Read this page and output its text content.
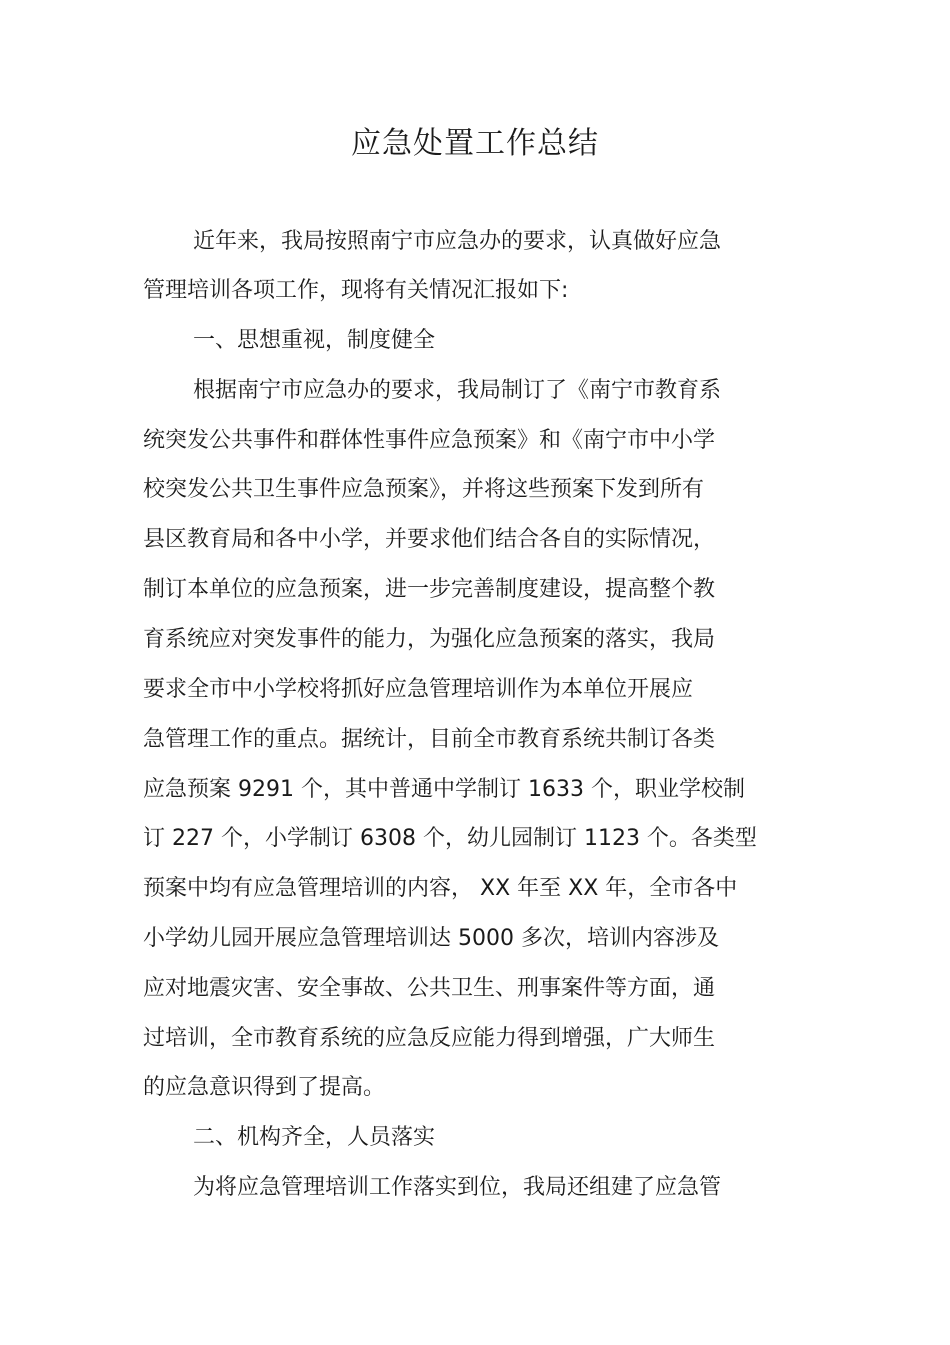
应急处置工作总结

近年来，我局按照南宁市应急办的要求，认真做好应急

管理培训各项工作，现将有关情况汇报如下:

一、思想重视，制度健全

根据南宁市应急办的要求，我局制订了《南宁市教育系

统突发公共事件和群体性事件应急预案》和《南宁市中小学

校突发公共卫生事件应急预案》，并将这些预案下发到所有

县区教育局和各中小学，并要求他们结合各自的实际情况，

制订本单位的应急预案，进一步完善制度建设，提高整个教

育系统应对突发事件的能力，为强化应急预案的落实，我局

要求全市中小学校将抓好应急管理培训作为本单位开展应

急管理工作的重点。据统计，目前全市教育系统共制订各类

应急预案 9291 个，其中普通中学制订 1633 个，职业学校制

订 227 个，小学制订 6308 个，幼儿园制订 1123 个。各类型

预案中均有应急管理培训的内容， XX 年至 XX 年，全市各中

小学幼儿园开展应急管理培训达 5000 多次，培训内容涉及

应对地震灾害、安全事故、公共卫生、刑事案件等方面，通

过培训，全市教育系统的应急反应能力得到增强，广大师生

的应急意识得到了提高。

二、机构齐全，人员落实

为将应急管理培训工作落实到位，我局还组建了应急管
